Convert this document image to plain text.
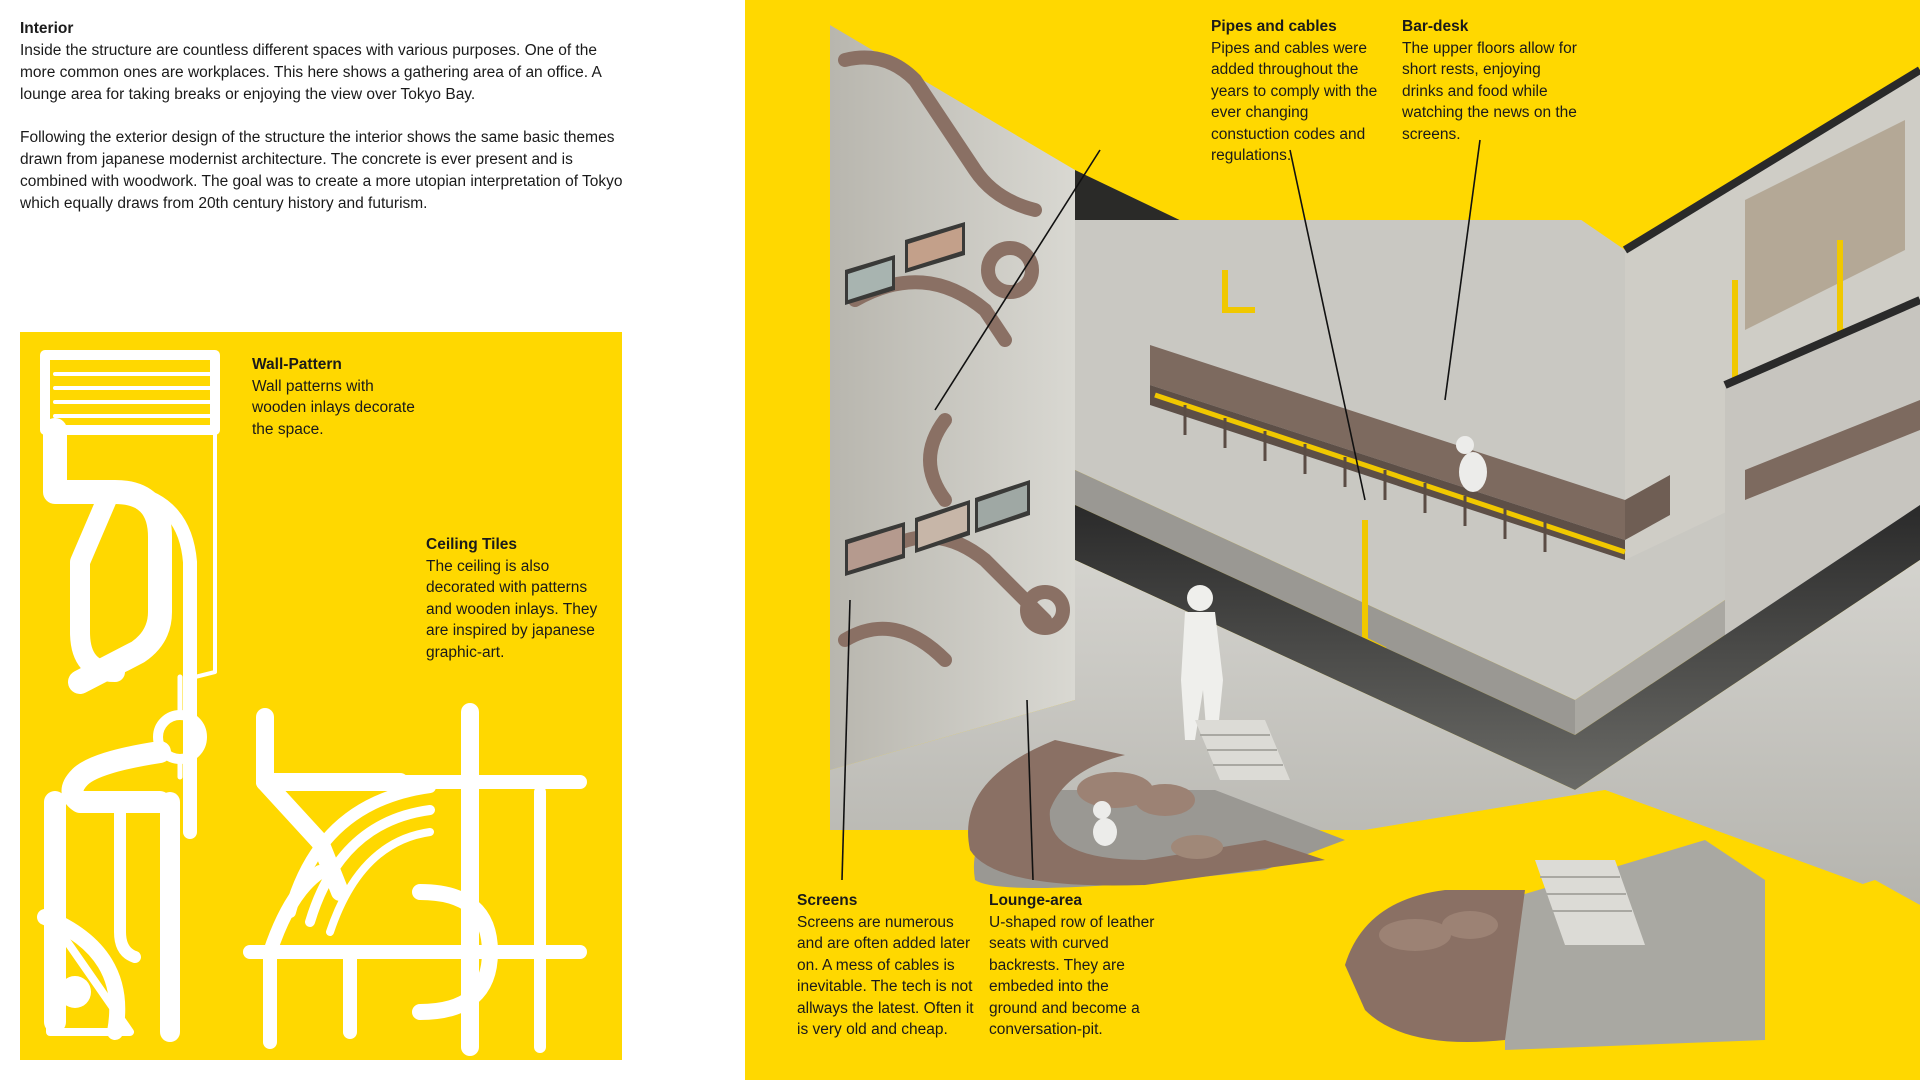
Interior

Inside the structure are countless different spaces with various purposes. One of the more common ones are workplaces. This here shows a gathering area of an office. A lounge area for taking breaks or enjoying the view over Tokyo Bay.

Following the exterior design of the structure the interior shows the same basic themes drawn from japanese modernist architecture. The concrete is ever present and is combined with woodwork. The goal was to create a more utopian interpretation of Tokyo which equally draws from 20th century history and futurism.

Wall-Pattern
Wall patterns with wooden inlays decorate the space.
Ceiling Tiles
The ceiling is also decorated with patterns and wooden inlays. They are inspired by japanese graphic-art.
Pipes and cables
Pipes and cables were added throughout the years to comply with the ever changing constuction codes and regulations.
Bar-desk
The upper floors allow for short rests, enjoying drinks and food while watching the news on the screens.
Screens
Screens are numerous and are often added later on. A mess of cables is inevitable. The tech is not allways the latest. Often it is very old and cheap.
Lounge-area
U-shaped row of leather seats with curved backrests. They are embeded into the ground and become a conversation-pit.
